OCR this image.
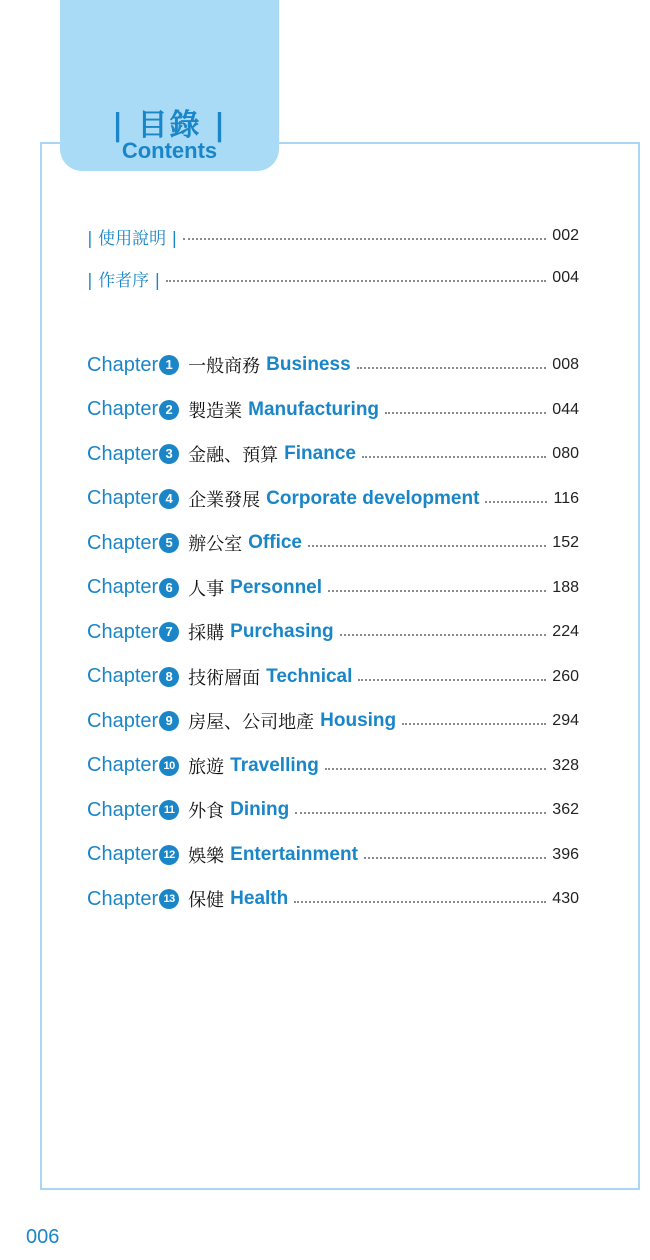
| 目錄 |
Contents
| 使用說明 |	002
| 作者序 |	004
Chapter 1 一般商務 Business	008
Chapter 2 製造業 Manufacturing	044
Chapter 3 金融、預算 Finance	080
Chapter 4 企業發展 Corporate development	116
Chapter 5 辦公室 Office	152
Chapter 6 人事 Personnel	188
Chapter 7 採購 Purchasing	224
Chapter 8 技術層面 Technical	260
Chapter 9 房屋、公司地產 Housing	294
Chapter 10 旅遊 Travelling	328
Chapter 11 外食 Dining	362
Chapter 12 娛樂 Entertainment	396
Chapter 13 保健 Health	430
006
